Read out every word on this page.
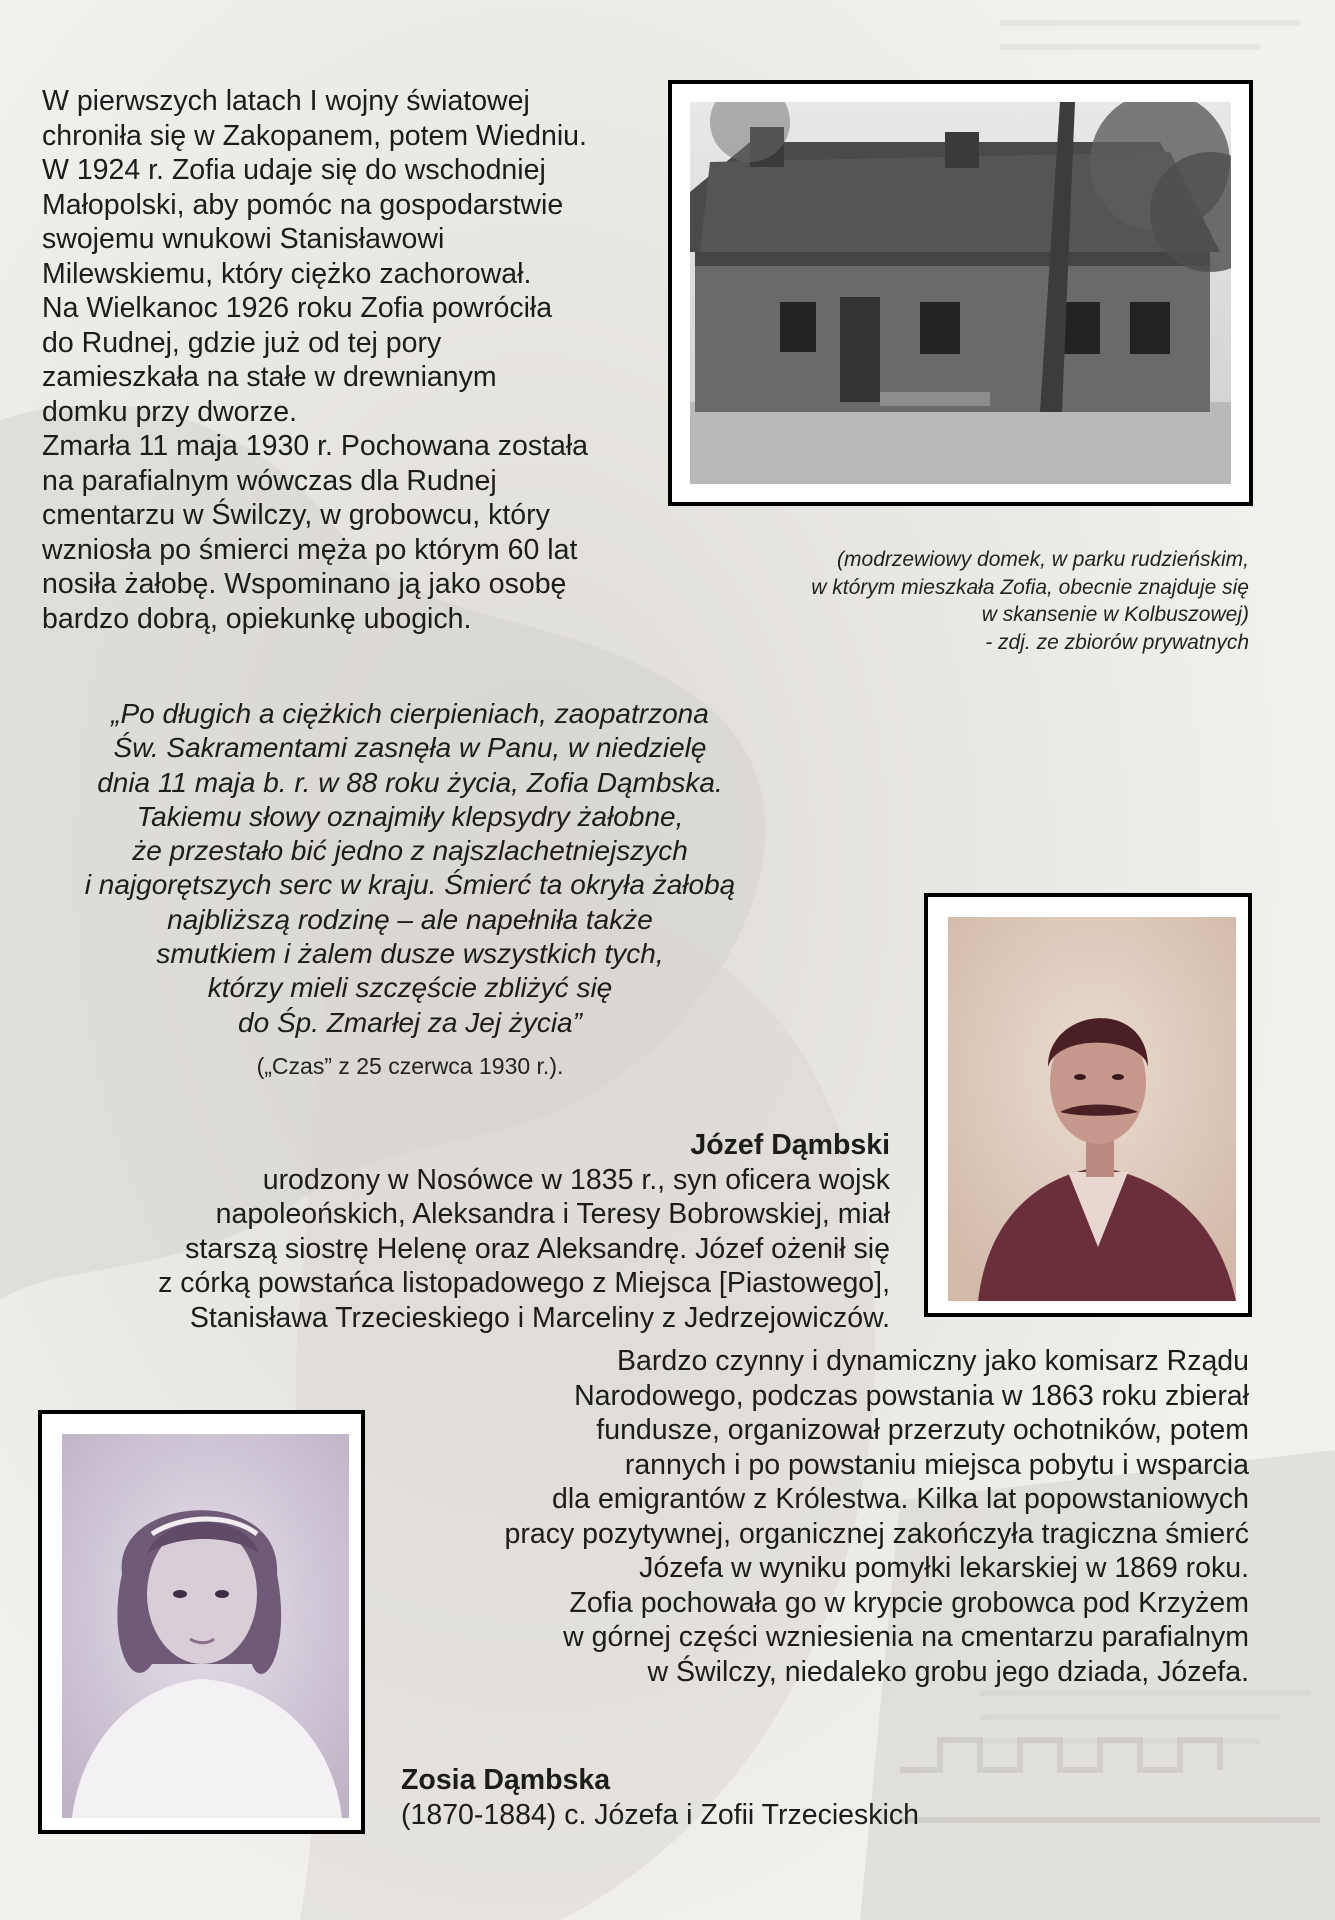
W pierwszych latach I wojny światowej
chroniła się w Zakopanem, potem Wiedniu.
W 1924 r. Zofia udaje się do wschodniej
Małopolski, aby pomóc na gospodarstwie
swojemu wnukowi Stanisławowi
Milewskiemu, który ciężko zachorował.
Na Wielkanoc 1926 roku Zofia powróciła
do Rudnej, gdzie już od tej pory
zamieszkała na stałe w drewnianym
domku przy dworze.
Zmarła 11 maja 1930 r. Pochowana została
na parafialnym wówczas dla Rudnej
cmentarzu w Świlczy, w grobowcu, który
wzniosła po śmierci męża po którym 60 lat
nosiła żałobę. Wspominano ją jako osobę
bardzo dobrą, opiekunkę ubogich.

(modrzewiowy domek, w parku rudzieńskim,
w którym mieszkała Zofia, obecnie znajduje się
w skansenie w Kolbuszowej)
- zdj. ze zbiorów prywatnych
„Po długich a ciężkich cierpieniach, zaopatrzona
Św. Sakramentami zasnęła w Panu, w niedzielę
dnia 11 maja b. r. w 88 roku życia, Zofia Dąmbska.
Takiemu słowy oznajmiły klepsydry żałobne,
że przestało bić jedno z najszlachetniejszych
i najgorętszych serc w kraju. Śmierć ta okryła żałobą
najbliższą rodzinę – ale napełniła także
smutkiem i żalem dusze wszystkich tych,
którzy mieli szczęście zbliżyć się
do Śp. Zmarłej za Jej życia”
(„Czas” z 25 czerwca 1930 r.).
Józef Dąmbski
urodzony w Nosówce w 1835 r., syn oficera wojsk
napoleońskich, Aleksandra i Teresy Bobrowskiej, miał
starszą siostrę Helenę oraz Aleksandrę. Józef ożenił się
z córką powstańca listopadowego z Miejsca [Piastowego],
Stanisława Trzecieskiego i Marceliny z Jedrzejowiczów.
Bardzo czynny i dynamiczny jako komisarz Rządu
Narodowego, podczas powstania w 1863 roku zbierał
fundusze, organizował przerzuty ochotników, potem
rannych i po powstaniu miejsca pobytu i wsparcia
dla emigrantów z Królestwa. Kilka lat popowstaniowych
pracy pozytywnej, organicznej zakończyła tragiczna śmierć
Józefa w wyniku pomyłki lekarskiej w 1869 roku.
Zofia pochowała go w krypcie grobowca pod Krzyżem
w górnej części wzniesienia na cmentarzu parafialnym
w Świlczy, niedaleko grobu jego dziada, Józefa.
Zosia Dąmbska
(1870-1884) c. Józefa i Zofii Trzecieskich
